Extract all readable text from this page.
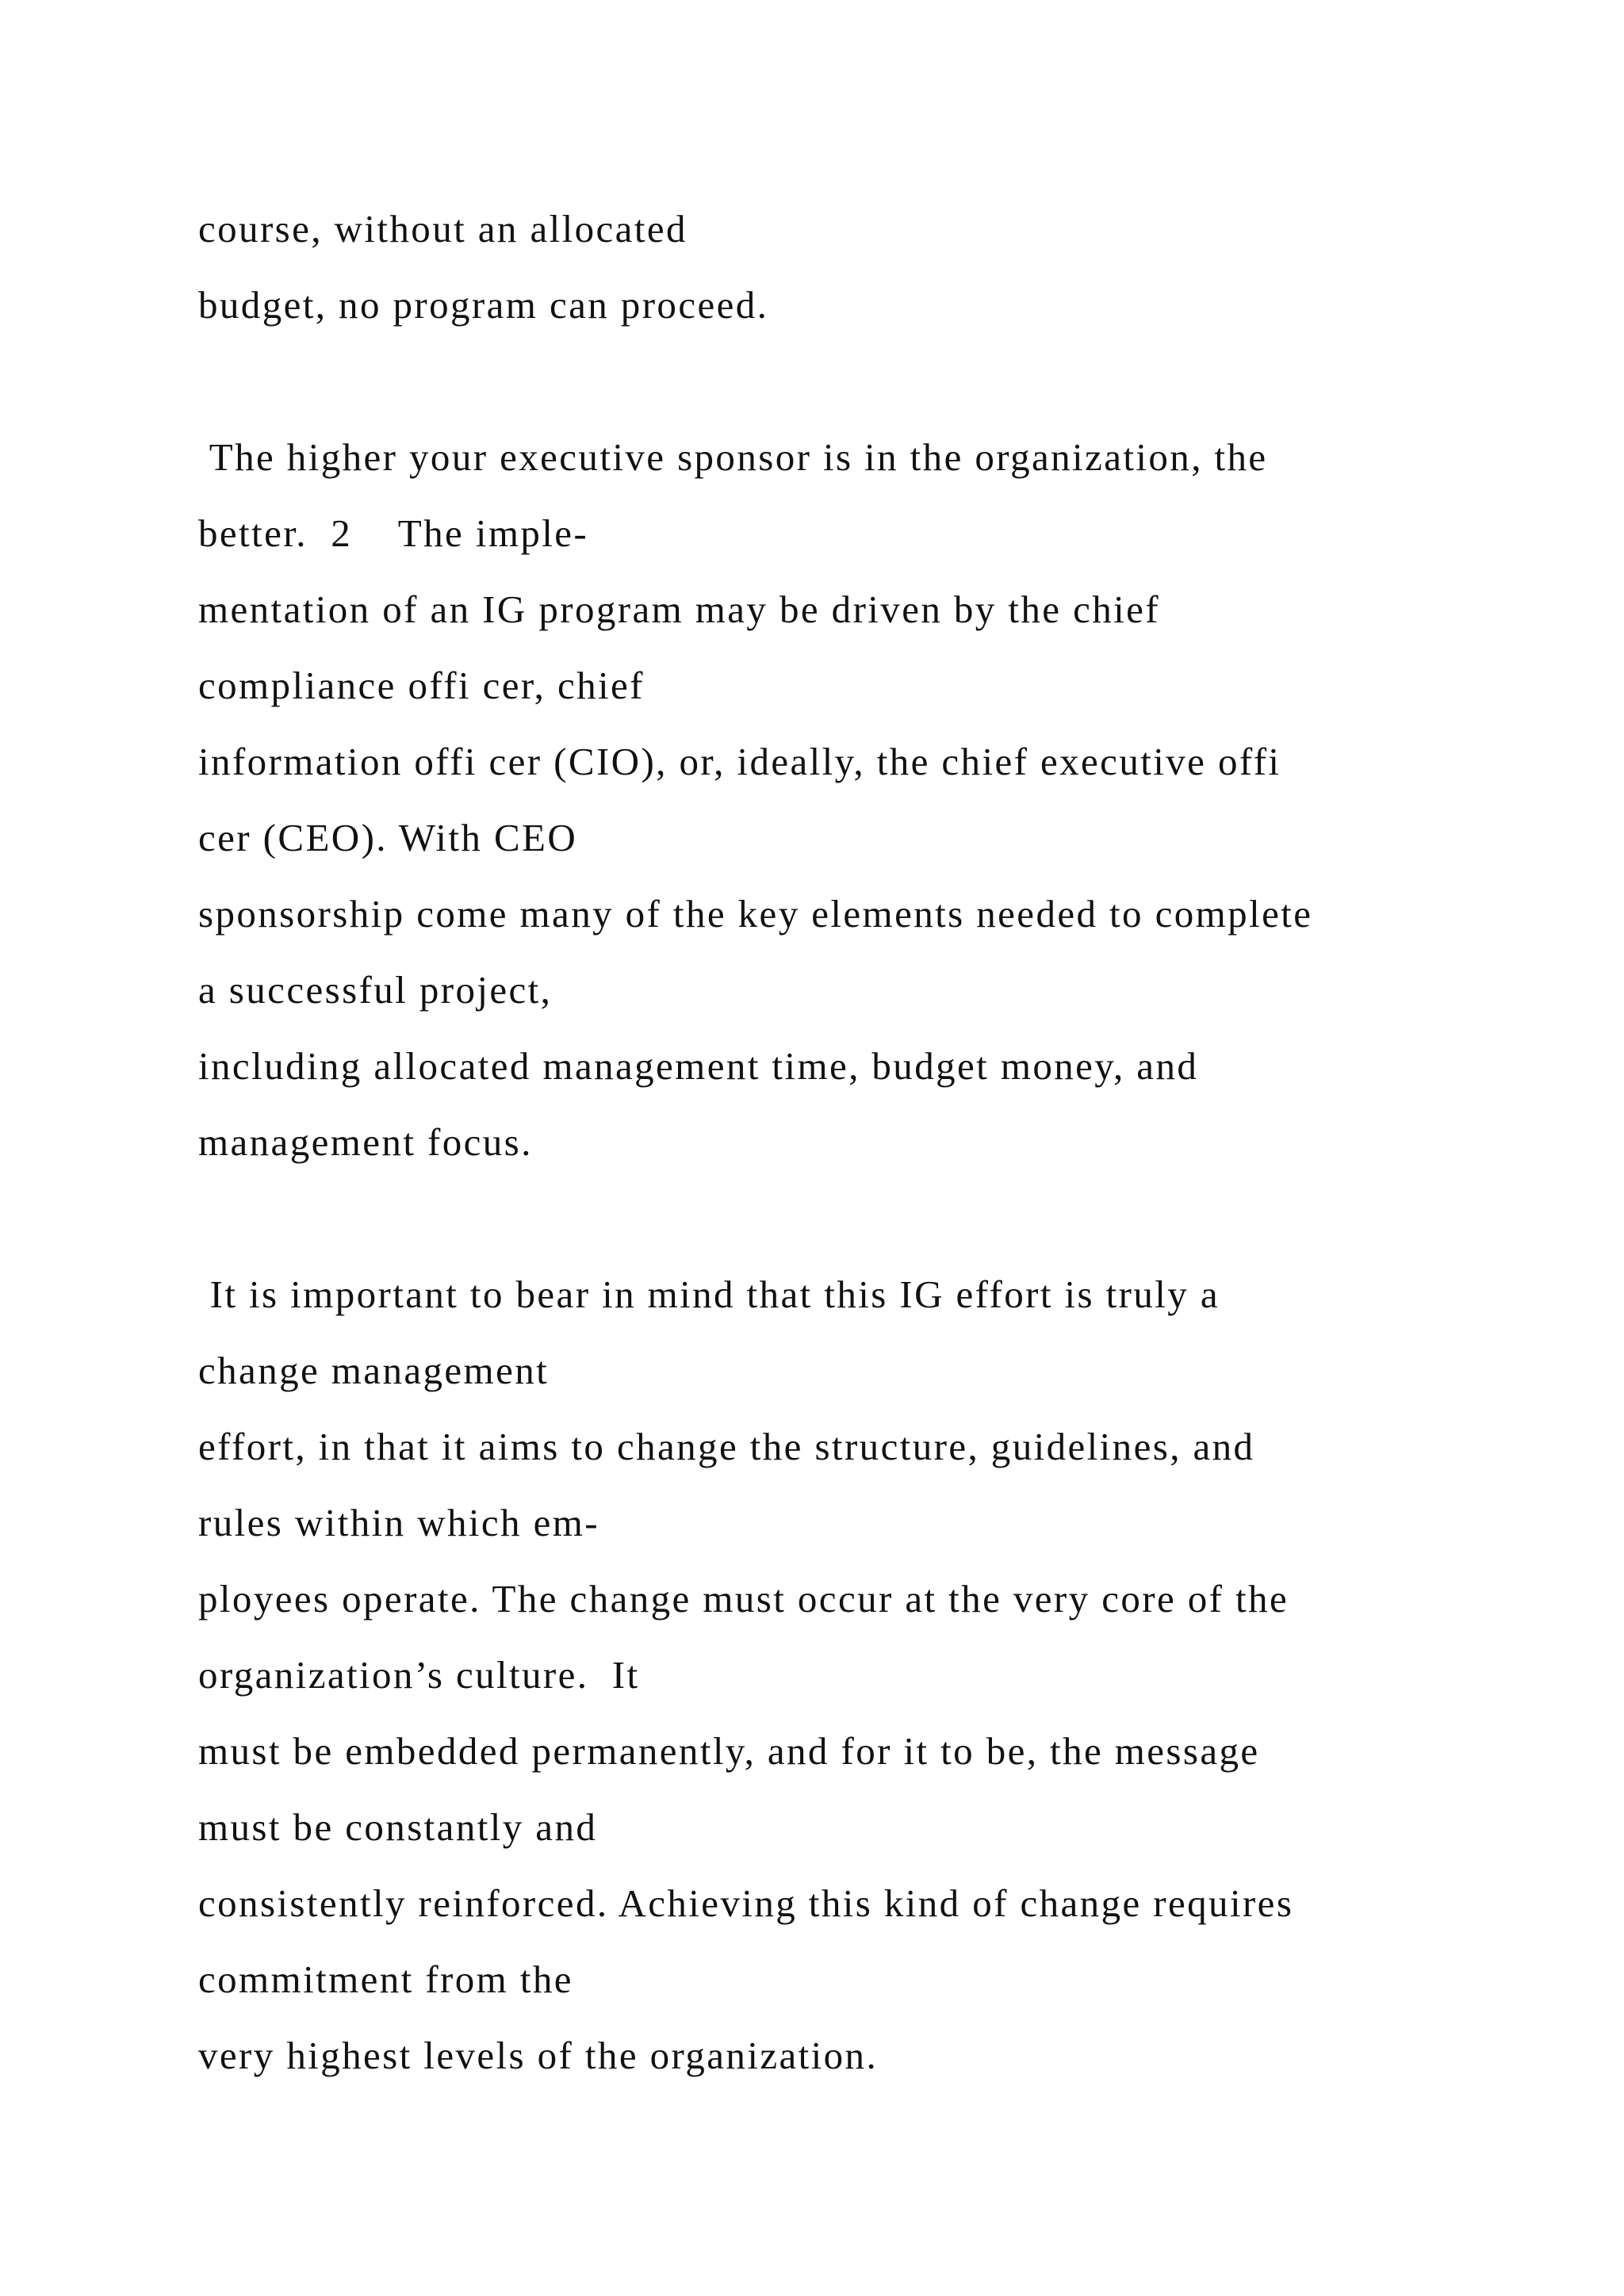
course, without an allocated
budget, no program can proceed.
The higher your executive sponsor is in the organization, the
better.  2    The imple-
mentation of an IG program may be driven by the chief
compliance offi cer, chief
information offi cer (CIO), or, ideally, the chief executive offi
cer (CEO). With CEO
sponsorship come many of the key elements needed to complete
a successful project,
including allocated management time, budget money, and
management focus.
It is important to bear in mind that this IG effort is truly a
change management
effort, in that it aims to change the structure, guidelines, and
rules within which em-
ployees operate. The change must occur at the very core of the
organization’s culture.  It
must be embedded permanently, and for it to be, the message
must be constantly and
consistently reinforced. Achieving this kind of change requires
commitment from the
very highest levels of the organization.
